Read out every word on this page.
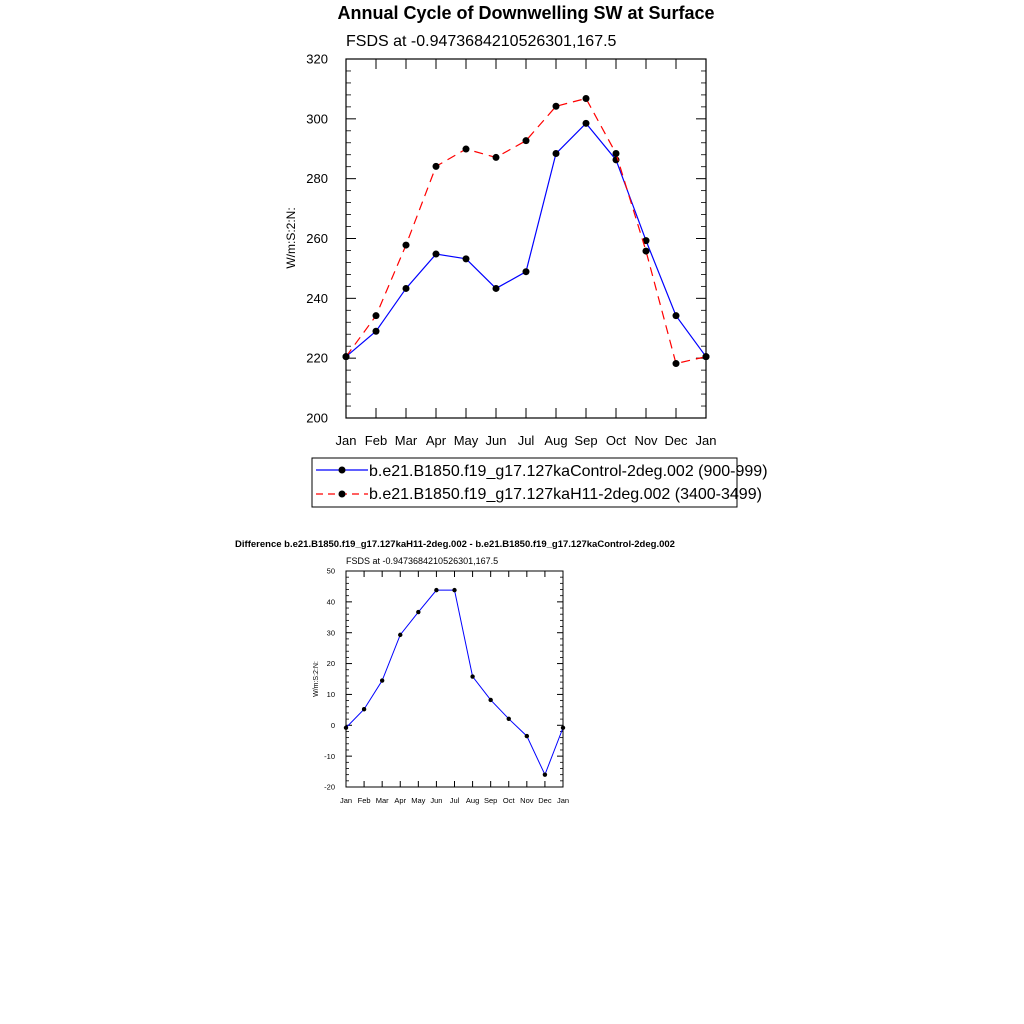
Annual Cycle of Downwelling SW at Surface
FSDS at -0.9473684210526301,167.5
W/m:S:2:N:
Jan Feb Mar Apr May Jun Jul Aug Sep Oct Nov Dec Jan
200
220
240
260
280
300
320
b.e21.B1850.f19_g17.127kaControl-2deg.002 (900-999)
b.e21.B1850.f19_g17.127kaH11-2deg.002 (3400-3499)
Difference b.e21.B1850.f19_g17.127kaH11-2deg.002 - b.e21.B1850.f19_g17.127kaControl-2deg.002
FSDS at -0.9473684210526301,167.5
W/m:S:2:N:
Jan Feb Mar Apr May Jun Jul Aug Sep Oct Nov Dec Jan
-20
-10
0
10
20
30
40
50
